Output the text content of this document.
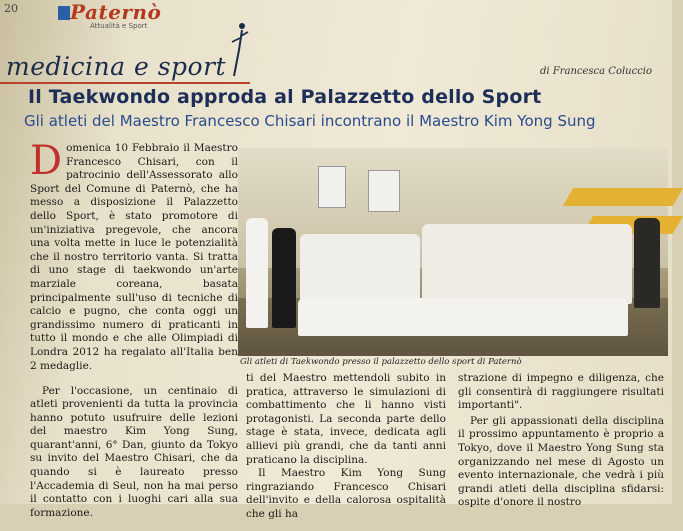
20	Paternò
Attualità e Sport
medicina e sport	di Francesca Coluccio
Il Taekwondo approda al Palazzetto dello Sport
Gli atleti del Maestro Francesco Chisari incontrano il Maestro Kim Yong Sung

Domenica 10 Febbraio il Maestro Francesco Chisari, con il patrocinio dell'Assessorato allo Sport del Comune di Paternò, che ha messo a disposizione il Palazzetto dello Sport, è stato promotore di un'iniziativa pregevole, che ancora una volta mette in luce le potenzialità che il nostro territorio vanta. Si tratta di uno stage di taekwondo un'arte marziale coreana, basata principalmente sull'uso di tecniche di calcio e pugno, che conta oggi un grandissimo numero di praticanti in tutto il mondo e che alle Olimpiadi di Londra 2012 ha regalato all'Italia ben 2 medaglie.

Per l'occasione, un centinaio di atleti provenienti da tutta la provincia hanno potuto usufruire delle lezioni del maestro Kim Yong Sung, quarant'anni, 6° Dan, giunto da Tokyo su invito del Maestro Chisari, che da quando si è laureato presso l'Accademia di Seul, non ha mai perso il contatto con i luoghi cari alla sua formazione.

Gli atleti di Taekwondo presso il palazzetto dello sport di Paternò

ti del Maestro mettendoli subito in pratica, attraverso le simulazioni di combattimento che li hanno visti protagonisti. La seconda parte dello stage è stata, invece, dedicata agli allievi più grandi, che da tanti anni praticano la disciplina.

Il Maestro Kim Yong Sung ringraziando Francesco Chisari dell'invito e della calorosa ospitalità che gli ha

strazione di impegno e diligenza, che gli consentirà di raggiungere risultati importanti".

Per gli appassionati della disciplina il prossimo appuntamento è proprio a Tokyo, dove il Maestro Yong Sung sta organizzando nel mese di Agosto un evento internazionale, che vedrà i più grandi atleti della disciplina sfidarsi: ospite d'onore il nostro
